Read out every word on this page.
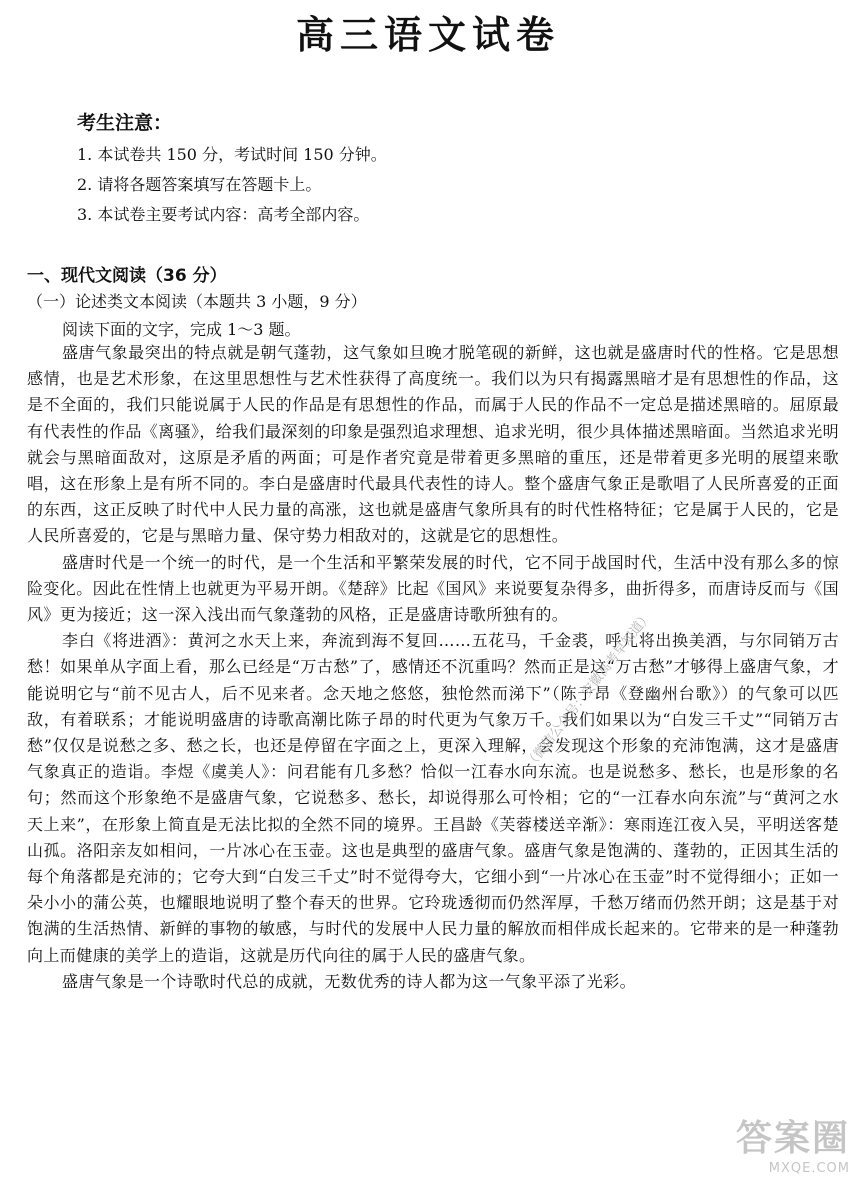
高三语文试卷
考生注意：
1. 本试卷共 150 分，考试时间 150 分钟。
2. 请将各题答案填写在答题卡上。
3. 本试卷主要考试内容：高考全部内容。
一、现代文阅读（36 分）
（一）论述类文本阅读（本题共 3 小题，9 分）
阅读下面的文字，完成 1～3 题。

盛唐气象最突出的特点就是朝气蓬勃，这气象如旦晚才脱笔砚的新鲜，这也就是盛唐时代的性格。它是思想感情，也是艺术形象，在这里思想性与艺术性获得了高度统一。我们以为只有揭露黑暗才是有思想性的作品，这是不全面的，我们只能说属于人民的作品是有思想性的作品，而属于人民的作品不一定总是描述黑暗的。屈原最有代表性的作品《离骚》，给我们最深刻的印象是强烈追求理想、追求光明，很少具体描述黑暗面。当然追求光明就会与黑暗面敌对，这原是矛盾的两面；可是作者究竟是带着更多黑暗的重压，还是带着更多光明的展望来歌唱，这在形象上是有所不同的。李白是盛唐时代最具代表性的诗人。整个盛唐气象正是歌唱了人民所喜爱的正面的东西，这正反映了时代中人民力量的高涨，这也就是盛唐气象所具有的时代性格特征；它是属于人民的，它是人民所喜爱的，它是与黑暗力量、保守势力相敌对的，这就是它的思想性。

盛唐时代是一个统一的时代，是一个生活和平繁荣发展的时代，它不同于战国时代，生活中没有那么多的惊险变化。因此在性情上也就更为平易开朗。《楚辞》比起《国风》来说要复杂得多，曲折得多，而唐诗反而与《国风》更为接近；这一深入浅出而气象蓬勃的风格，正是盛唐诗歌所独有的。

李白《将进酒》：黄河之水天上来，奔流到海不复回……五花马，千金裘，呼儿将出换美酒，与尔同销万古愁！如果单从字面上看，那么已经是“万古愁”了，感情还不沉重吗？然而正是这“万古愁”才够得上盛唐气象，才能说明它与“前不见古人，后不见来者。念天地之悠悠，独怆然而涕下”（陈子昂《登幽州台歌》）的气象可以匹敌，有着联系；才能说明盛唐的诗歌高潮比陈子昂的时代更为气象万千。我们如果以为“白发三千丈”“同销万古愁”仅仅是说愁之多、愁之长，也还是停留在字面之上，更深入理解，会发现这个形象的充沛饱满，这才是盛唐气象真正的造诣。李煜《虞美人》：问君能有几多愁？恰似一江春水向东流。也是说愁多、愁长，也是形象的名句；然而这个形象绝不是盛唐气象，它说愁多、愁长，却说得那么可怜相；它的“一江春水向东流”与“黄河之水天上来”，在形象上简直是无法比拟的全然不同的境界。王昌龄《芙蓉楼送辛渐》：寒雨连江夜入吴，平明送客楚山孤。洛阳亲友如相问，一片冰心在玉壶。这也是典型的盛唐气象。盛唐气象是饱满的、蓬勃的，正因其生活的每个角落都是充沛的；它夸大到“白发三千丈”时不觉得夸大，它细小到“一片冰心在玉壶”时不觉得细小；正如一朵小小的蒲公英，也耀眼地说明了整个春天的世界。它玲珑透彻而仍然浑厚，千愁万绪而仍然开朗；这是基于对饱满的生活热情、新鲜的事物的敏感，与时代的发展中人民力量的解放而相伴成长起来的。它带来的是一种蓬勃向上而健康的美学上的造诣，这就是历代向往的属于人民的盛唐气象。

盛唐气象是一个诗歌时代总的成就，无数优秀的诗人都为这一气象平添了光彩。

（微信公众号：安徽高考早知道）
答案圈
MXQE.COM
